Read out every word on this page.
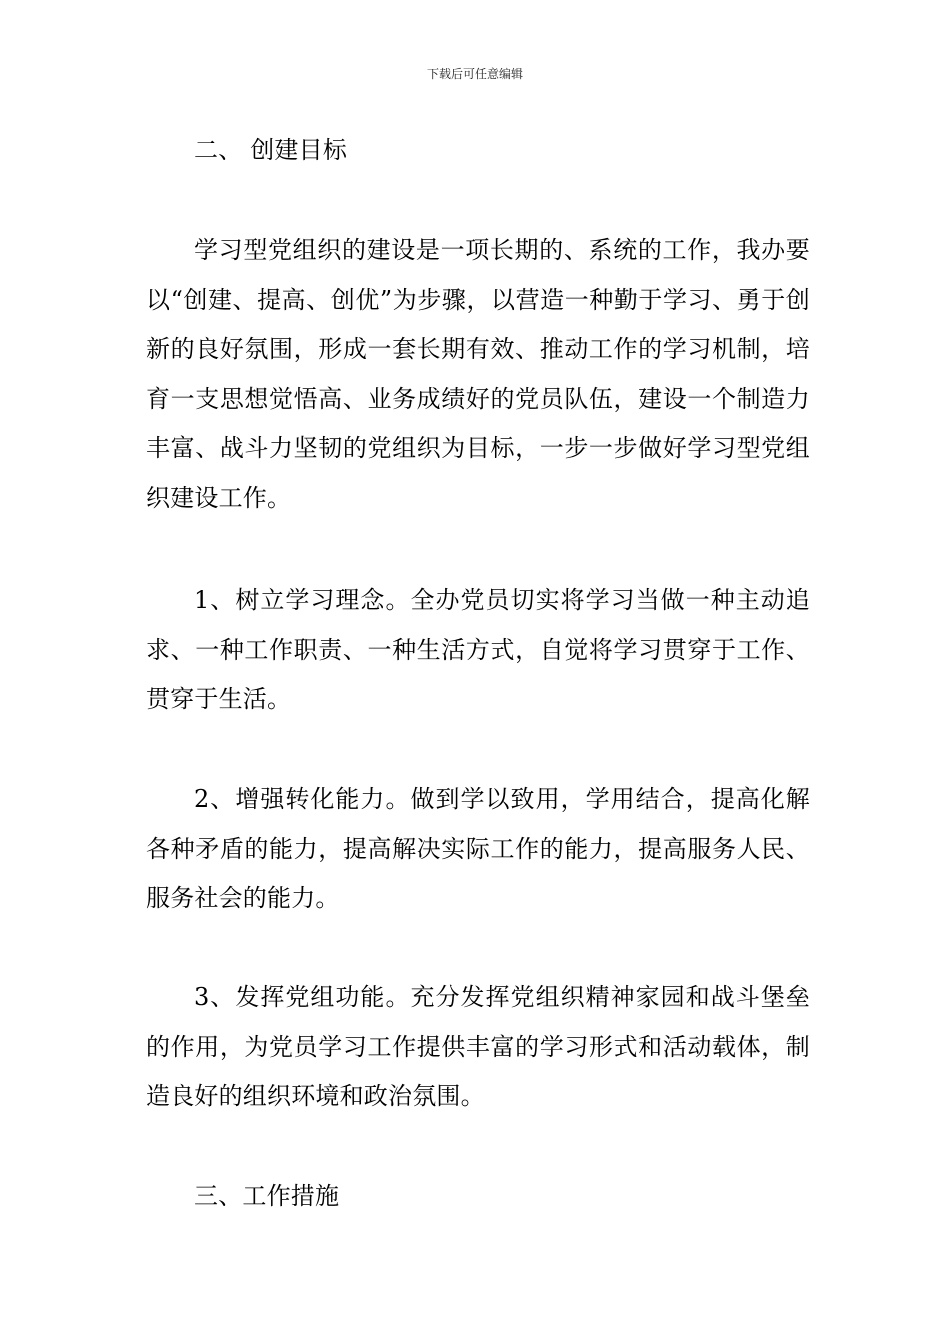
下载后可任意编辑

二、 创建目标

学习型党组织的建设是一项长期的、系统的工作，我办要以“创建、提高、创优”为步骤，以营造一种勤于学习、勇于创新的良好氛围，形成一套长期有效、推动工作的学习机制，培育一支思想觉悟高、业务成绩好的党员队伍，建设一个制造力丰富、战斗力坚韧的党组织为目标，一步一步做好学习型党组织建设工作。

1、树立学习理念。全办党员切实将学习当做一种主动追求、一种工作职责、一种生活方式，自觉将学习贯穿于工作、贯穿于生活。

2、增强转化能力。做到学以致用，学用结合，提高化解各种矛盾的能力，提高解决实际工作的能力，提高服务人民、服务社会的能力。

3、发挥党组功能。充分发挥党组织精神家园和战斗堡垒的作用，为党员学习工作提供丰富的学习形式和活动载体，制造良好的组织环境和政治氛围。

三、工作措施
